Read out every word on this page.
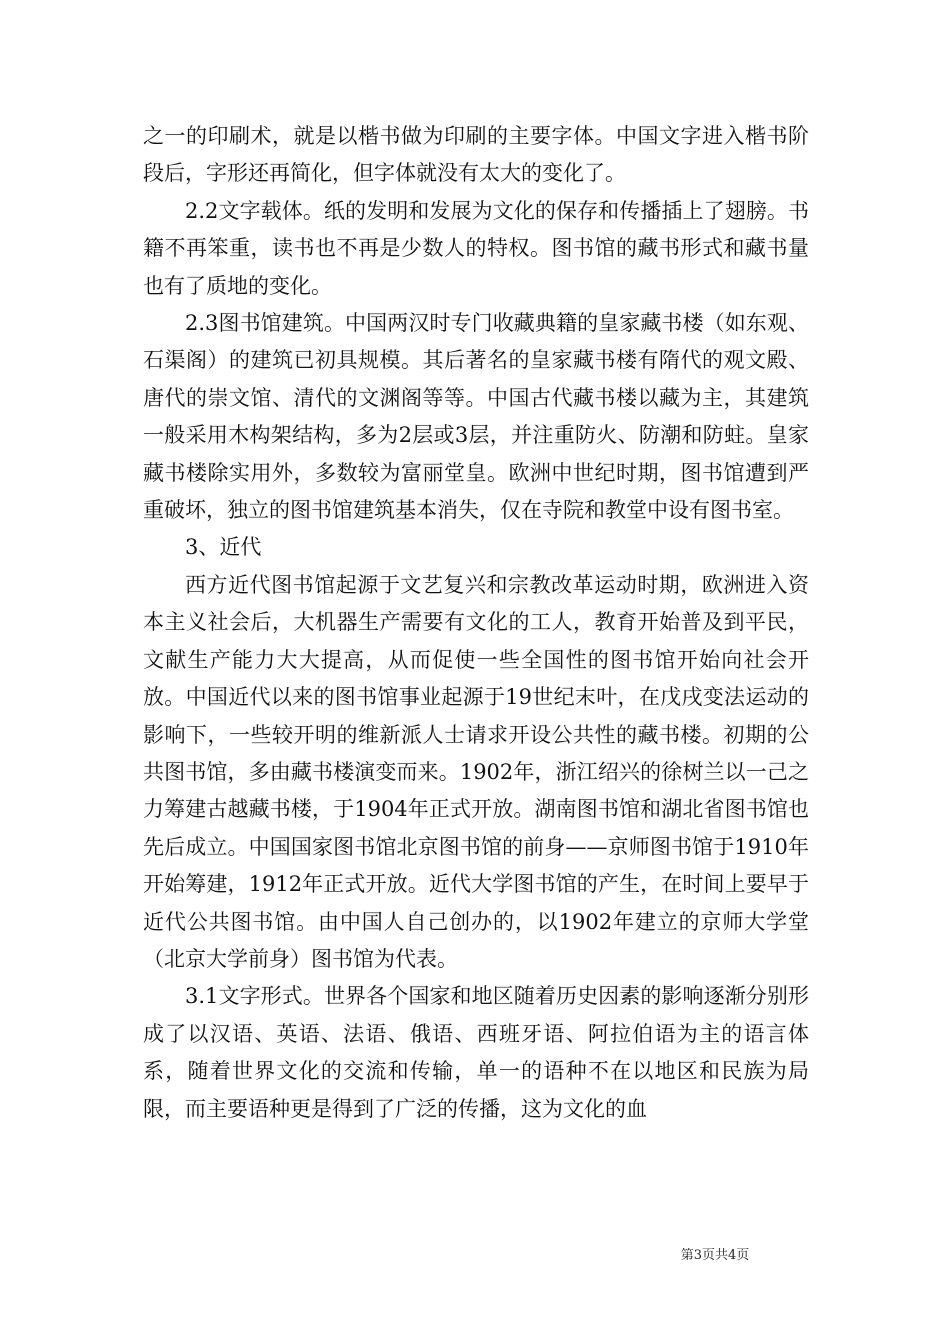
之一的印刷术，就是以楷书做为印刷的主要字体。中国文字进入楷书阶段后，字形还再简化，但字体就没有太大的变化了。

2.2文字载体。纸的发明和发展为文化的保存和传播插上了翅膀。书籍不再笨重，读书也不再是少数人的特权。图书馆的藏书形式和藏书量也有了质地的变化。

2.3图书馆建筑。中国两汉时专门收藏典籍的皇家藏书楼（如东观、石渠阁）的建筑已初具规模。其后著名的皇家藏书楼有隋代的观文殿、唐代的崇文馆、清代的文渊阁等等。中国古代藏书楼以藏为主，其建筑一般采用木构架结构，多为2层或3层，并注重防火、防潮和防蛀。皇家藏书楼除实用外，多数较为富丽堂皇。欧洲中世纪时期，图书馆遭到严重破坏，独立的图书馆建筑基本消失，仅在寺院和教堂中设有图书室。

3、近代

西方近代图书馆起源于文艺复兴和宗教改革运动时期，欧洲进入资本主义社会后，大机器生产需要有文化的工人，教育开始普及到平民，文献生产能力大大提高，从而促使一些全国性的图书馆开始向社会开放。中国近代以来的图书馆事业起源于19世纪末叶，在戊戌变法运动的影响下，一些较开明的维新派人士请求开设公共性的藏书楼。初期的公共图书馆，多由藏书楼演变而来。1902年，浙江绍兴的徐树兰以一己之力筹建古越藏书楼，于1904年正式开放。湖南图书馆和湖北省图书馆也先后成立。中国国家图书馆北京图书馆的前身——京师图书馆于1910年开始筹建，1912年正式开放。近代大学图书馆的产生，在时间上要早于近代公共图书馆。由中国人自己创办的，以1902年建立的京师大学堂（北京大学前身）图书馆为代表。

3.1文字形式。世界各个国家和地区随着历史因素的影响逐渐分别形成了以汉语、英语、法语、俄语、西班牙语、阿拉伯语为主的语言体系，随着世界文化的交流和传输，单一的语种不在以地区和民族为局限，而主要语种更是得到了广泛的传播，这为文化的血

第3页共4页
